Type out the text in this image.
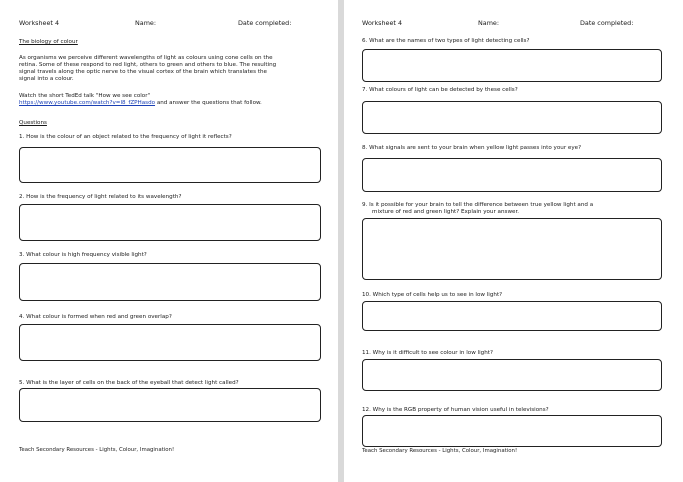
Worksheet 4	Name:	Date completed:
The biology of colour
As organisms we perceive different wavelengths of light as colours using cone cells on the
retina. Some of these respond to red light, others to green and others to blue. The resulting
signal travels along the optic nerve to the visual cortex of the brain which translates the
signal into a colour.
Watch the short TedEd talk "How we see color"
https://www.youtube.com/watch?v=l8_fZPHasdo and answer the questions that follow.
Questions
1. How is the colour of an object related to the frequency of light it reflects?
2. How is the frequency of light related to its wavelength?
3. What colour is high frequency visible light?
4. What colour is formed when red and green overlap?
5. What is the layer of cells on the back of the eyeball that detect light called?
Teach Secondary Resources - Lights, Colour, Imagination!
Worksheet 4	Name:	Date completed:
6. What are the names of two types of light detecting cells?
7. What colours of light can be detected by these cells?
8. What signals are sent to your brain when yellow light passes into your eye?
9. Is it possible for your brain to tell the difference between true yellow light and a
mixture of red and green light? Explain your answer.
10. Which type of cells help us to see in low light?
11. Why is it difficult to see colour in low light?
12. Why is the RGB property of human vision useful in televisions?
Teach Secondary Resources - Lights, Colour, Imagination!
